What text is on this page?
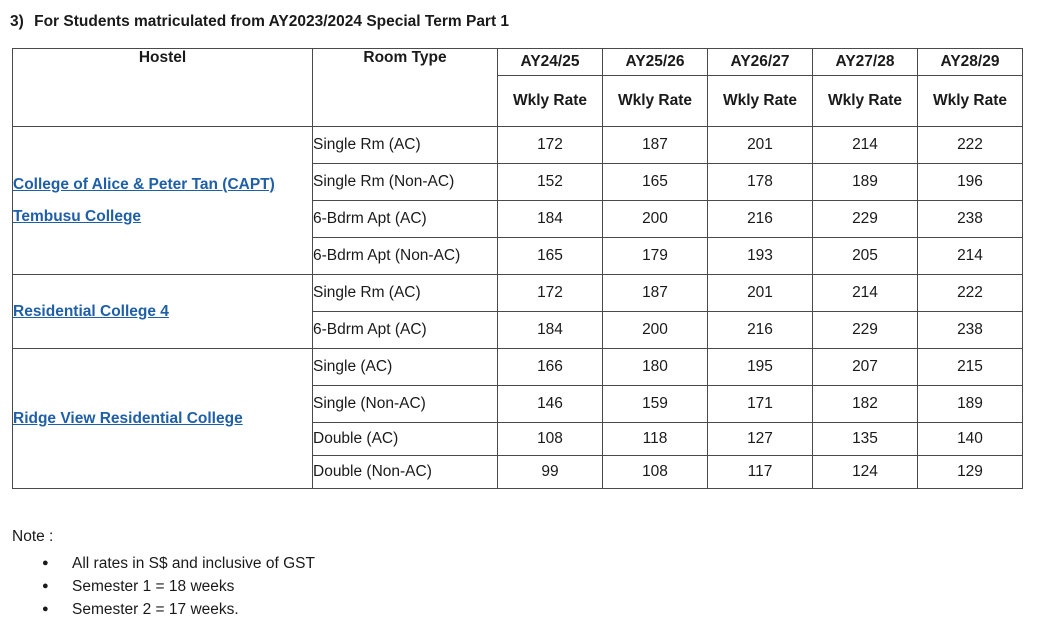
3) For Students matriculated from AY2023/2024 Special Term Part 1
Hostel	Room Type	AY24/25	AY25/26	AY26/27	AY27/28	AY28/29
		Wkly Rate	Wkly Rate	Wkly Rate	Wkly Rate	Wkly Rate

College of Alice & Peter Tan (CAPT)
Tembusu College	Single Rm (AC)	172	187	201	214	222
	Single Rm (Non-AC)	152	165	178	189	196
	6-Bdrm Apt (AC)	184	200	216	229	238
	6-Bdrm Apt (Non-AC)	165	179	193	205	214

Residential College 4	Single Rm (AC)	172	187	201	214	222
	6-Bdrm Apt (AC)	184	200	216	229	238

Ridge View Residential College	Single (AC)	166	180	195	207	215
	Single (Non-AC)	146	159	171	182	189
	Double (AC)	108	118	127	135	140
	Double (Non-AC)	99	108	117	124	129
Note :
● All rates in S$ and inclusive of GST
● Semester 1 = 18 weeks
● Semester 2 = 17 weeks.
